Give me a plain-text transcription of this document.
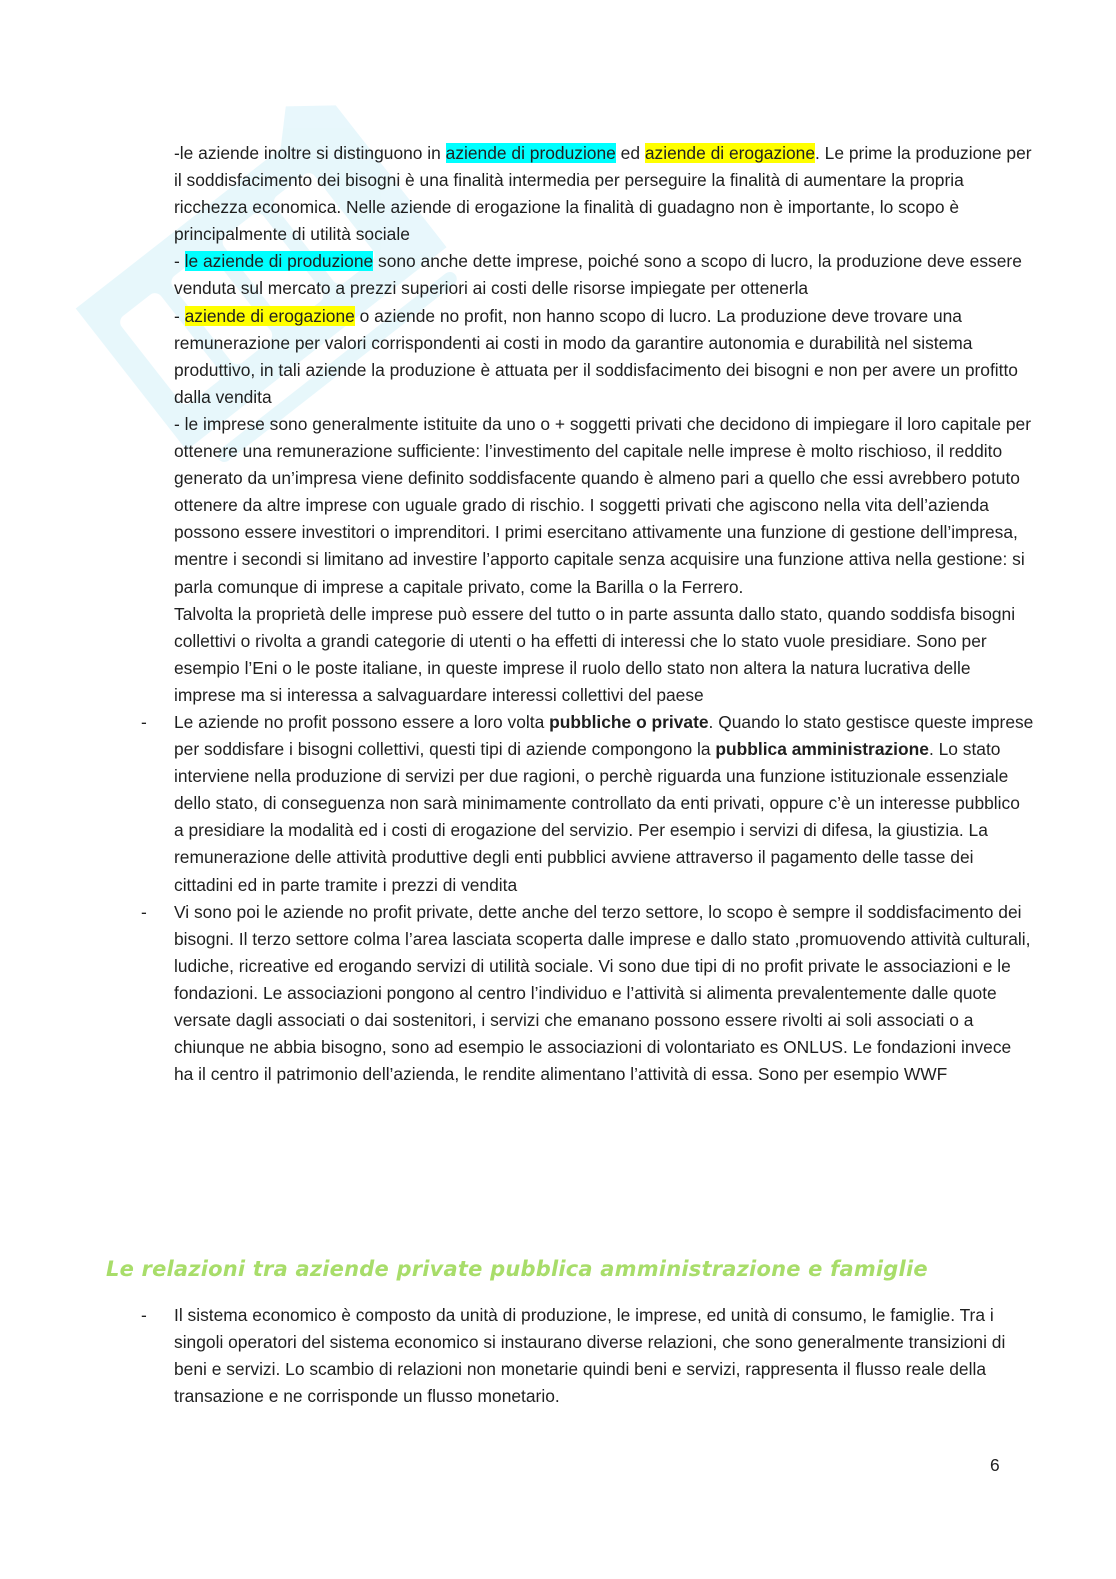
-le aziende inoltre si distinguono in aziende di produzione ed aziende di erogazione. Le prime la produzione per il soddisfacimento dei bisogni è una finalità intermedia per perseguire la finalità di aumentare la propria ricchezza economica. Nelle aziende di erogazione la finalità di guadagno non è importante, lo scopo è principalmente di utilità sociale

- le aziende di produzione sono anche dette imprese, poiché sono a scopo di lucro, la produzione deve essere venduta sul mercato a prezzi superiori ai costi delle risorse impiegate per ottenerla

- aziende di erogazione o aziende no profit, non hanno scopo di lucro. La produzione deve trovare una remunerazione per valori corrispondenti ai costi in modo da garantire autonomia e durabilità nel sistema produttivo, in tali aziende la produzione è attuata per il soddisfacimento dei bisogni e non per avere un profitto dalla vendita

- le imprese sono generalmente istituite da uno o + soggetti privati che decidono di impiegare il loro capitale per ottenere una remunerazione sufficiente: l’investimento del capitale nelle imprese è molto rischioso, il reddito generato da un’impresa viene definito soddisfacente quando è almeno pari a quello che essi avrebbero potuto ottenere da altre imprese con uguale grado di rischio. I soggetti privati che agiscono nella vita dell’azienda possono essere investitori o imprenditori. I primi esercitano attivamente una funzione di gestione dell’impresa, mentre i secondi si limitano ad investire l’apporto capitale senza acquisire una funzione attiva nella gestione: si parla comunque di imprese a capitale privato, come la Barilla o la Ferrero.

Talvolta la proprietà delle imprese può essere del tutto o in parte assunta dallo stato, quando soddisfa bisogni collettivi o rivolta a grandi categorie di utenti o ha effetti di interessi che lo stato vuole presidiare. Sono per esempio l’Eni o le poste italiane, in queste imprese il ruolo dello stato non altera la natura lucrativa delle imprese ma si interessa a salvaguardare interessi collettivi del paese

- Le aziende no profit possono essere a loro volta pubbliche o private. Quando lo stato gestisce queste imprese per soddisfare i bisogni collettivi, questi tipi di aziende compongono la pubblica amministrazione. Lo stato interviene nella produzione di servizi per due ragioni, o perchè riguarda una funzione istituzionale essenziale dello stato, di conseguenza non sarà minimamente controllato da enti privati, oppure c’è un interesse pubblico a presidiare la modalità ed i costi di erogazione del servizio. Per esempio i servizi di difesa, la giustizia. La remunerazione delle attività produttive degli enti pubblici avviene attraverso il pagamento delle tasse dei cittadini ed in parte tramite i prezzi di vendita

- Vi sono poi le aziende no profit private, dette anche del terzo settore, lo scopo è sempre il soddisfacimento dei bisogni. Il terzo settore colma l’area lasciata scoperta dalle imprese e dallo stato ,promuovendo attività culturali, ludiche, ricreative ed erogando servizi di utilità sociale. Vi sono due tipi di no profit private le associazioni e le fondazioni. Le associazioni pongono al centro l’individuo e l’attività si alimenta prevalentemente dalle quote versate dagli associati o dai sostenitori, i servizi che emanano possono essere rivolti ai soli associati o a chiunque ne abbia bisogno, sono ad esempio le associazioni di volontariato es ONLUS. Le fondazioni invece ha il centro il patrimonio dell’azienda, le rendite alimentano l’attività di essa. Sono per esempio WWF

Le relazioni tra aziende private pubblica amministrazione e famiglie

- Il sistema economico è composto da unità di produzione, le imprese, ed unità di consumo, le famiglie. Tra i singoli operatori del sistema economico si instaurano diverse relazioni, che sono generalmente transizioni di beni e servizi. Lo scambio di relazioni non monetarie quindi beni e servizi, rappresenta il flusso reale della transazione e ne corrisponde un flusso monetario.

6
